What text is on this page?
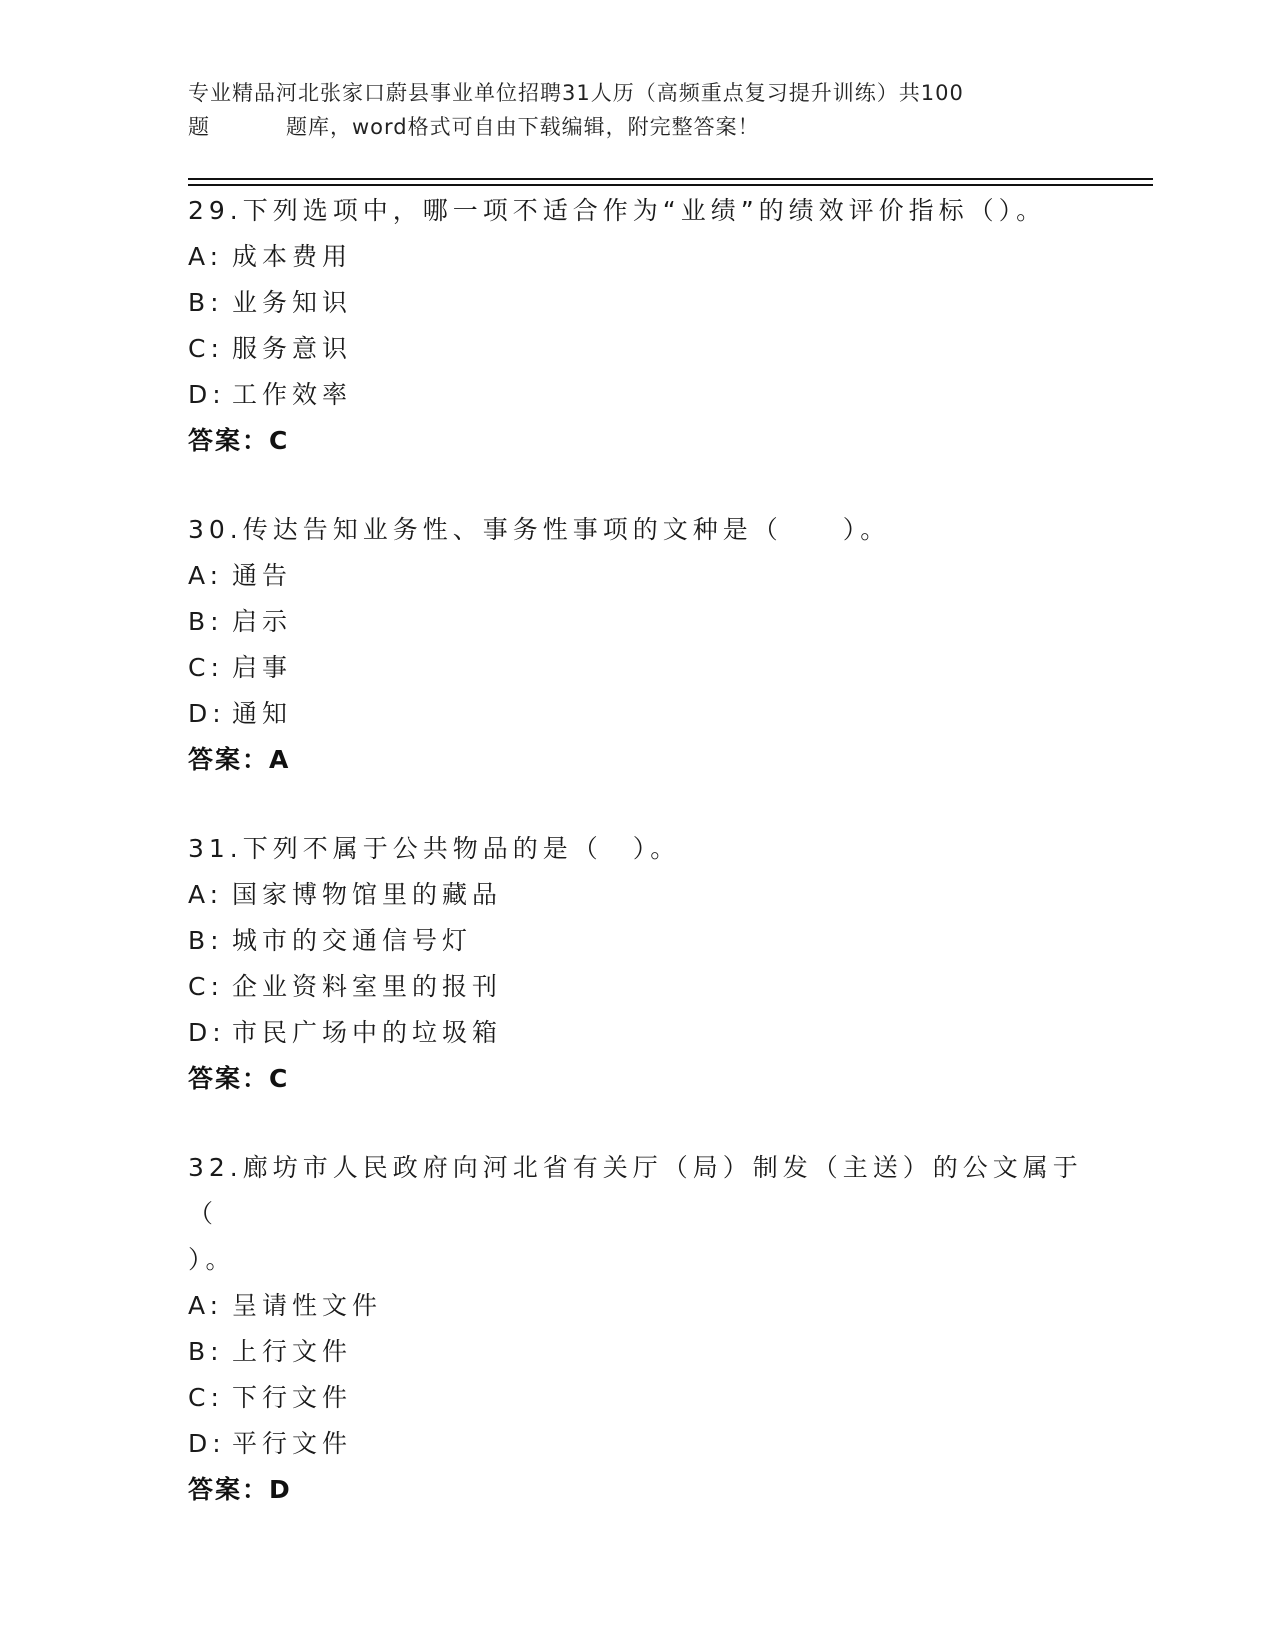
专业精品河北张家口蔚县事业单位招聘31人历（高频重点复习提升训练）共100
题	题库，word格式可自由下载编辑，附完整答案！

29.下列选项中，哪一项不适合作为“业绩”的绩效评价指标（）。

A: 成本费用

B: 业务知识

C: 服务意识

D: 工作效率

答案：C

30.传达告知业务性、事务性事项的文种是（　　）。

A: 通告

B: 启示

C: 启事

D: 通知

答案：A

31.下列不属于公共物品的是（　）。

A: 国家博物馆里的藏品

B: 城市的交通信号灯

C: 企业资料室里的报刊

D: 市民广场中的垃圾箱

答案：C

32.廊坊市人民政府向河北省有关厅（局）制发（主送）的公文属于（

）。

A: 呈请性文件

B: 上行文件

C: 下行文件

D: 平行文件

答案：D
